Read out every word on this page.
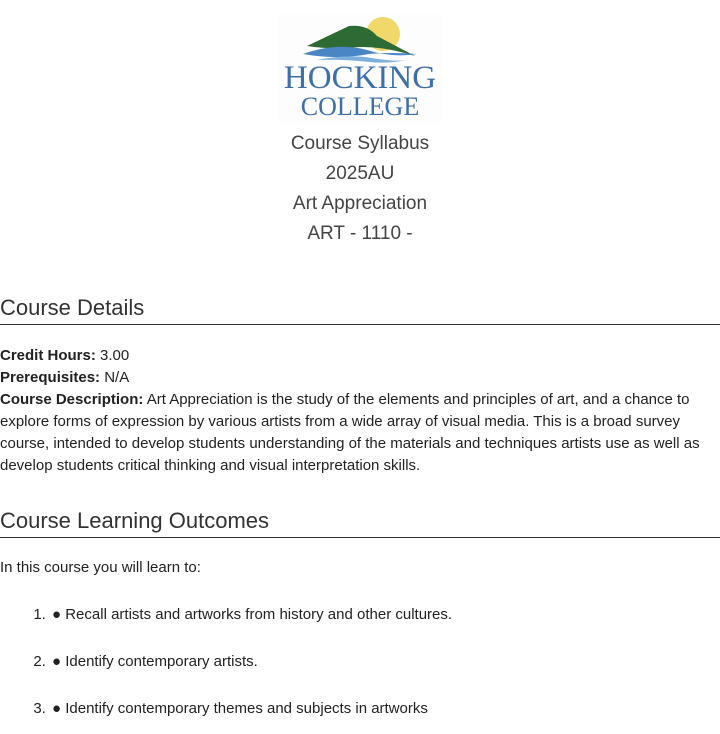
HOCKING
COLLEGE
Course Syllabus
2025AU
Art Appreciation
ART - 1110 -
Course Details
Credit Hours: 3.00
Prerequisites: N/A
Course Description: Art Appreciation is the study of the elements and principles of art, and a chance to explore forms of expression by various artists from a wide array of visual media. This is a broad survey course, intended to develop students understanding of the materials and techniques artists use as well as develop students critical thinking and visual interpretation skills.
Course Learning Outcomes
In this course you will learn to:
1. ● Recall artists and artworks from history and other cultures.
2. ● Identify contemporary artists.
3. ● Identify contemporary themes and subjects in artworks
